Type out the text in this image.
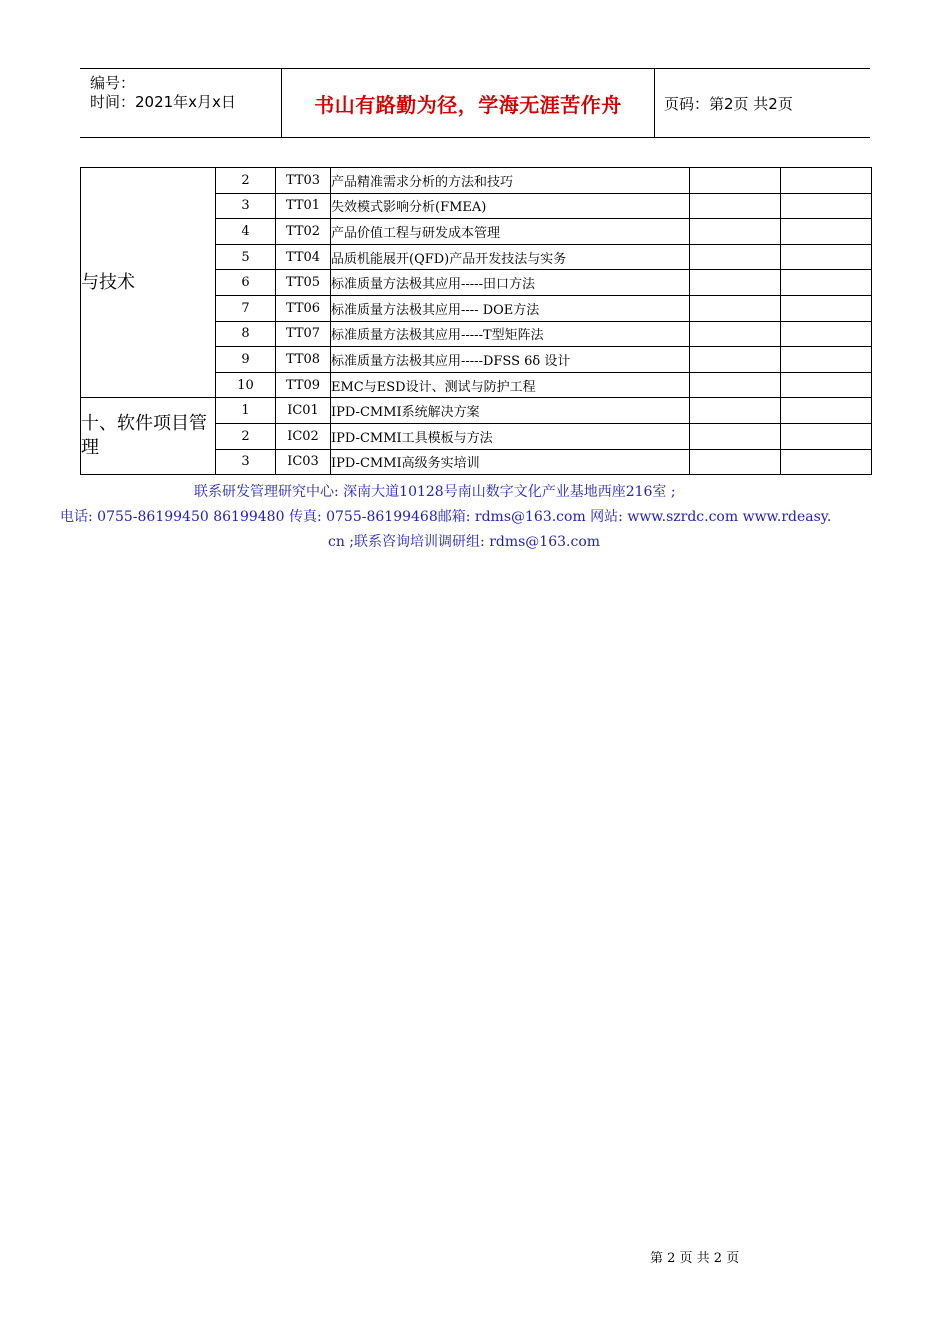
编号：
时间：2021年x月x日	书山有路勤为径，学海无涯苦作舟	页码：第2页 共2页
与技术	2	TT03	产品精准需求分析的方法和技巧		
	3	TT01	失效模式影响分析(FMEA)		
	4	TT02	产品价值工程与研发成本管理		
	5	TT04	品质机能展开(QFD)产品开发技法与实务		
	6	TT05	标准质量方法极其应用-----田口方法		
	7	TT06	标准质量方法极其应用---- DOE方法		
	8	TT07	标准质量方法极其应用-----T型矩阵法		
	9	TT08	标准质量方法极其应用-----DFSS 6δ 设计		
	10	TT09	EMC与ESD设计、测试与防护工程		
十、软件项目管理	1	IC01	IPD-CMMI系统解决方案		
	2	IC02	IPD-CMMI工具模板与方法		
	3	IC03	IPD-CMMI高级务实培训		
联系研发管理研究中心: 深南大道10128号南山数字文化产业基地西座216室 ;
电话: 0755-86199450 86199480 传真: 0755-86199468邮箱: rdms@163.com 网站: www.szrdc.com www.rdeasy.
cn ;联系咨询培训调研组: rdms@163.com
第 2 页 共 2 页
